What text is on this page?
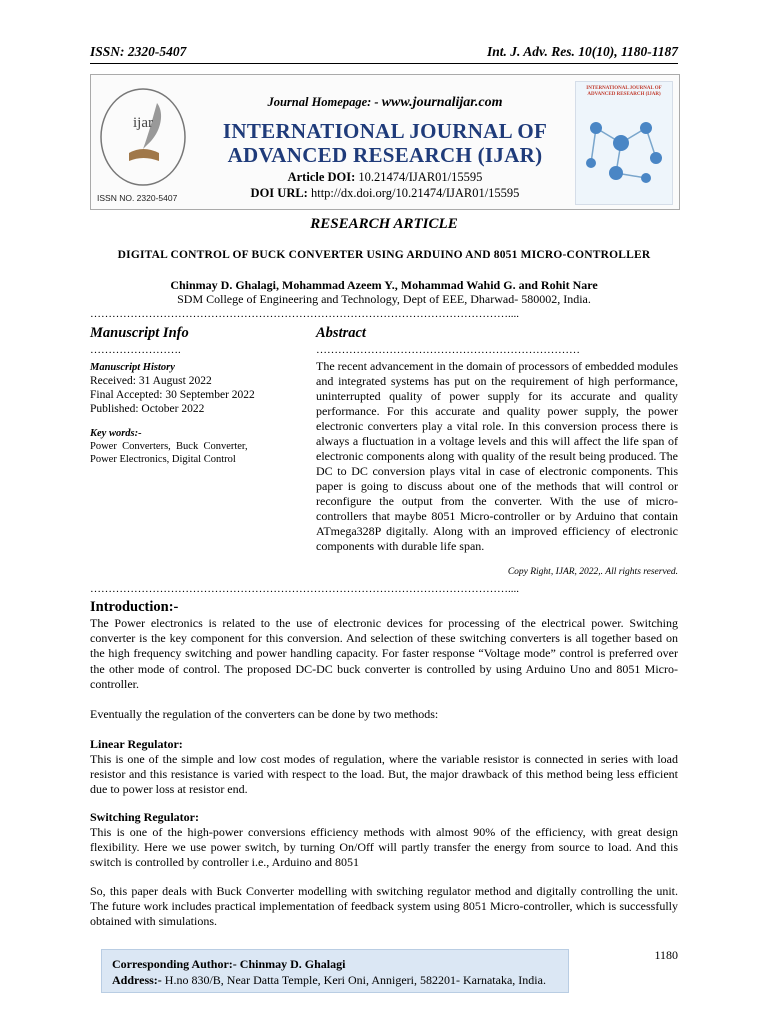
ISSN: 2320-5407	Int. J. Adv. Res. 10(10), 1180-1187
ijar
ISSN NO. 2320-5407
Journal Homepage: - www.journalijar.com
INTERNATIONAL JOURNAL OF
ADVANCED RESEARCH (IJAR)
Article DOI: 10.21474/IJAR01/15595
DOI URL: http://dx.doi.org/10.21474/IJAR01/15595
INTERNATIONAL JOURNAL OF ADVANCED RESEARCH (IJAR)
RESEARCH ARTICLE
DIGITAL CONTROL OF BUCK CONVERTER USING ARDUINO AND 8051 MICRO-CONTROLLER
Chinmay D. Ghalagi, Mohammad Azeem Y., Mohammad Wahid G. and Rohit Nare
SDM College of Engineering and Technology, Dept of EEE, Dharwad- 580002, India.
……………………………………………………………………………………………………....
Manuscript Info
…………………….
Manuscript History
Received: 31 August 2022
Final Accepted: 30 September 2022
Published: October 2022
Key words:-
Power  Converters,  Buck  Converter,
Power Electronics, Digital Control
Abstract
………………………………………………………………
The recent advancement in the domain of processors of embedded modules and integrated systems has put on the requirement of high performance, uninterrupted quality of power supply for its accurate and quality performance. For this accurate and quality power supply, the power electronic converters play a vital role. In this conversion process there is always a fluctuation in a voltage levels and this will affect the life span of electronic components along with quality of the result being produced. The DC to DC conversion plays vital in case of electronic components. This paper is going to discuss about one of the methods that will control or reconfigure the output from the converter. With the use of micro-controllers that maybe 8051 Micro-controller or by Arduino that contain ATmega328P digitally. Along with an improved efficiency of electronic components with durable life span.
Copy Right, IJAR, 2022,. All rights reserved.
……………………………………………………………………………………………………....
Introduction:-
The Power electronics is related to the use of electronic devices for processing of the electrical power. Switching converter is the key component for this conversion. And selection of these switching converters is all together based on the high frequency switching and power handling capacity. For faster response “Voltage mode” control is preferred over the other mode of control. The proposed DC-DC buck converter is controlled by using Arduino Uno and 8051 Micro-controller.
Eventually the regulation of the converters can be done by two methods:
Linear Regulator:
This is one of the simple and low cost modes of regulation, where the variable resistor is connected in series with load resistor and this resistance is varied with respect to the load. But, the major drawback of this method being less efficient due to power loss at resistor end.
Switching Regulator:
This is one of the high-power conversions efficiency methods with almost 90% of the efficiency, with great design flexibility. Here we use power switch, by turning On/Off will partly transfer the energy from source to load. And this switch is controlled by controller i.e., Arduino and 8051
So, this paper deals with Buck Converter modelling with switching regulator method and digitally controlling the unit. The future work includes practical implementation of feedback system using 8051 Micro-controller, which is successfully obtained with simulations.
1180
Corresponding Author:- Chinmay D. Ghalagi
Address:- H.no 830/B, Near Datta Temple, Keri Oni, Annigeri, 582201- Karnataka, India.
